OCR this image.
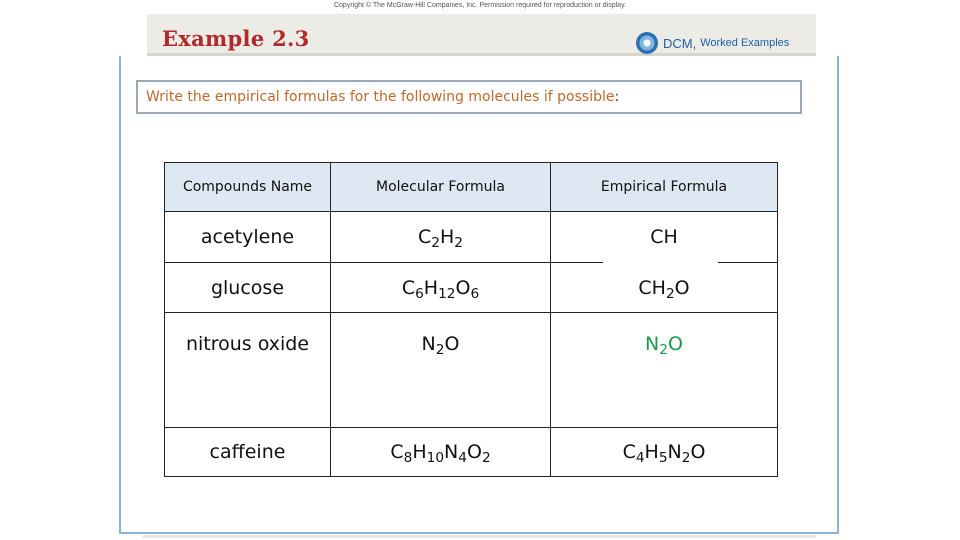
Copyright © The McGraw-Hill Companies, Inc. Permission required for reproduction or display.
Example 2.3	DCM, Worked Examples
Write the empirical formulas for the following molecules if possible:
Compounds Name	Molecular Formula	Empirical Formula
acetylene	$C_2H_2$	CH
glucose	$C_6H_{12}O_6$	$CH_2O$
nitrous oxide	$N_2O$	$N_2O$
caffeine	$C_8H_{10}N_4O_2$	$C_4H_5N_2O$
